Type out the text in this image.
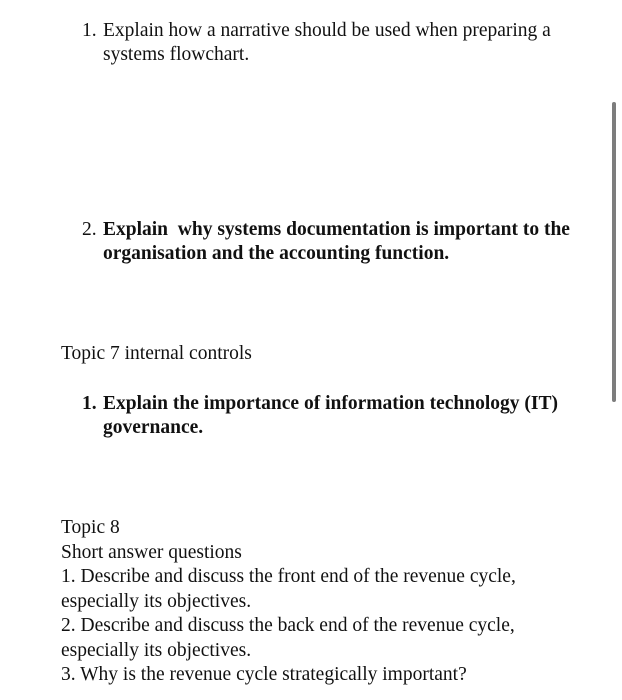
1. Explain how a narrative should be used when preparing a systems flowchart.
2. Explain  why systems documentation is important to the organisation and the accounting function.
Topic 7 internal controls
1. Explain the importance of information technology (IT) governance.
Topic 8
Short answer questions
1. Describe and discuss the front end of the revenue cycle,
especially its objectives.
2. Describe and discuss the back end of the revenue cycle,
especially its objectives.
3. Why is the revenue cycle strategically important?
